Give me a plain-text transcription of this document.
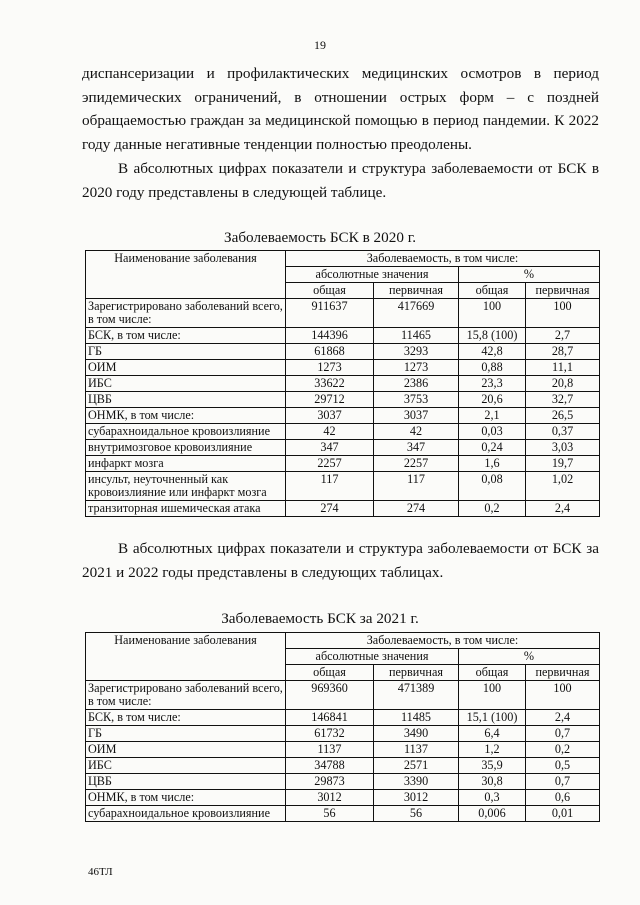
19

диспансеризации и профилактических медицинских осмотров в период эпидемических ограничений, в отношении острых форм – с поздней обращаемостью граждан за медицинской помощью в период пандемии. К 2022 году данные негативные тенденции полностью преодолены.

В абсолютных цифрах показатели и структура заболеваемости от БСК в 2020 году представлены в следующей таблице.

Заболеваемость БСК в 2020 г.
Наименование заболевания	Заболеваемость, в том числе:			
	абсолютные значения		%	
	общая	первичная	общая	первичная
Зарегистрировано заболеваний всего, в том числе:	911637	417669	100	100
БСК, в том числе:	144396	11465	15,8 (100)	2,7
ГБ	61868	3293	42,8	28,7
ОИМ	1273	1273	0,88	11,1
ИБС	33622	2386	23,3	20,8
ЦВБ	29712	3753	20,6	32,7
ОНМК, в том числе:	3037	3037	2,1	26,5
субарахноидальное кровоизлияние	42	42	0,03	0,37
внутримозговое кровоизлияние	347	347	0,24	3,03
инфаркт мозга	2257	2257	1,6	19,7
инсульт, неуточненный как кровоизлияние или инфаркт мозга	117	117	0,08	1,02
транзиторная ишемическая атака	274	274	0,2	2,4

В абсолютных цифрах показатели и структура заболеваемости от БСК за 2021 и 2022 годы представлены в следующих таблицах.

Заболеваемость БСК за 2021 г.
Наименование заболевания	Заболеваемость, в том числе:			
	абсолютные значения		%	
	общая	первичная	общая	первичная
Зарегистрировано заболеваний всего, в том числе:	969360	471389	100	100
БСК, в том числе:	146841	11485	15,1 (100)	2,4
ГБ	61732	3490	6,4	0,7
ОИМ	1137	1137	1,2	0,2
ИБС	34788	2571	35,9	0,5
ЦВБ	29873	3390	30,8	0,7
ОНМК, в том числе:	3012	3012	0,3	0,6
субарахноидальное кровоизлияние	56	56	0,006	0,01
46ТЛ
